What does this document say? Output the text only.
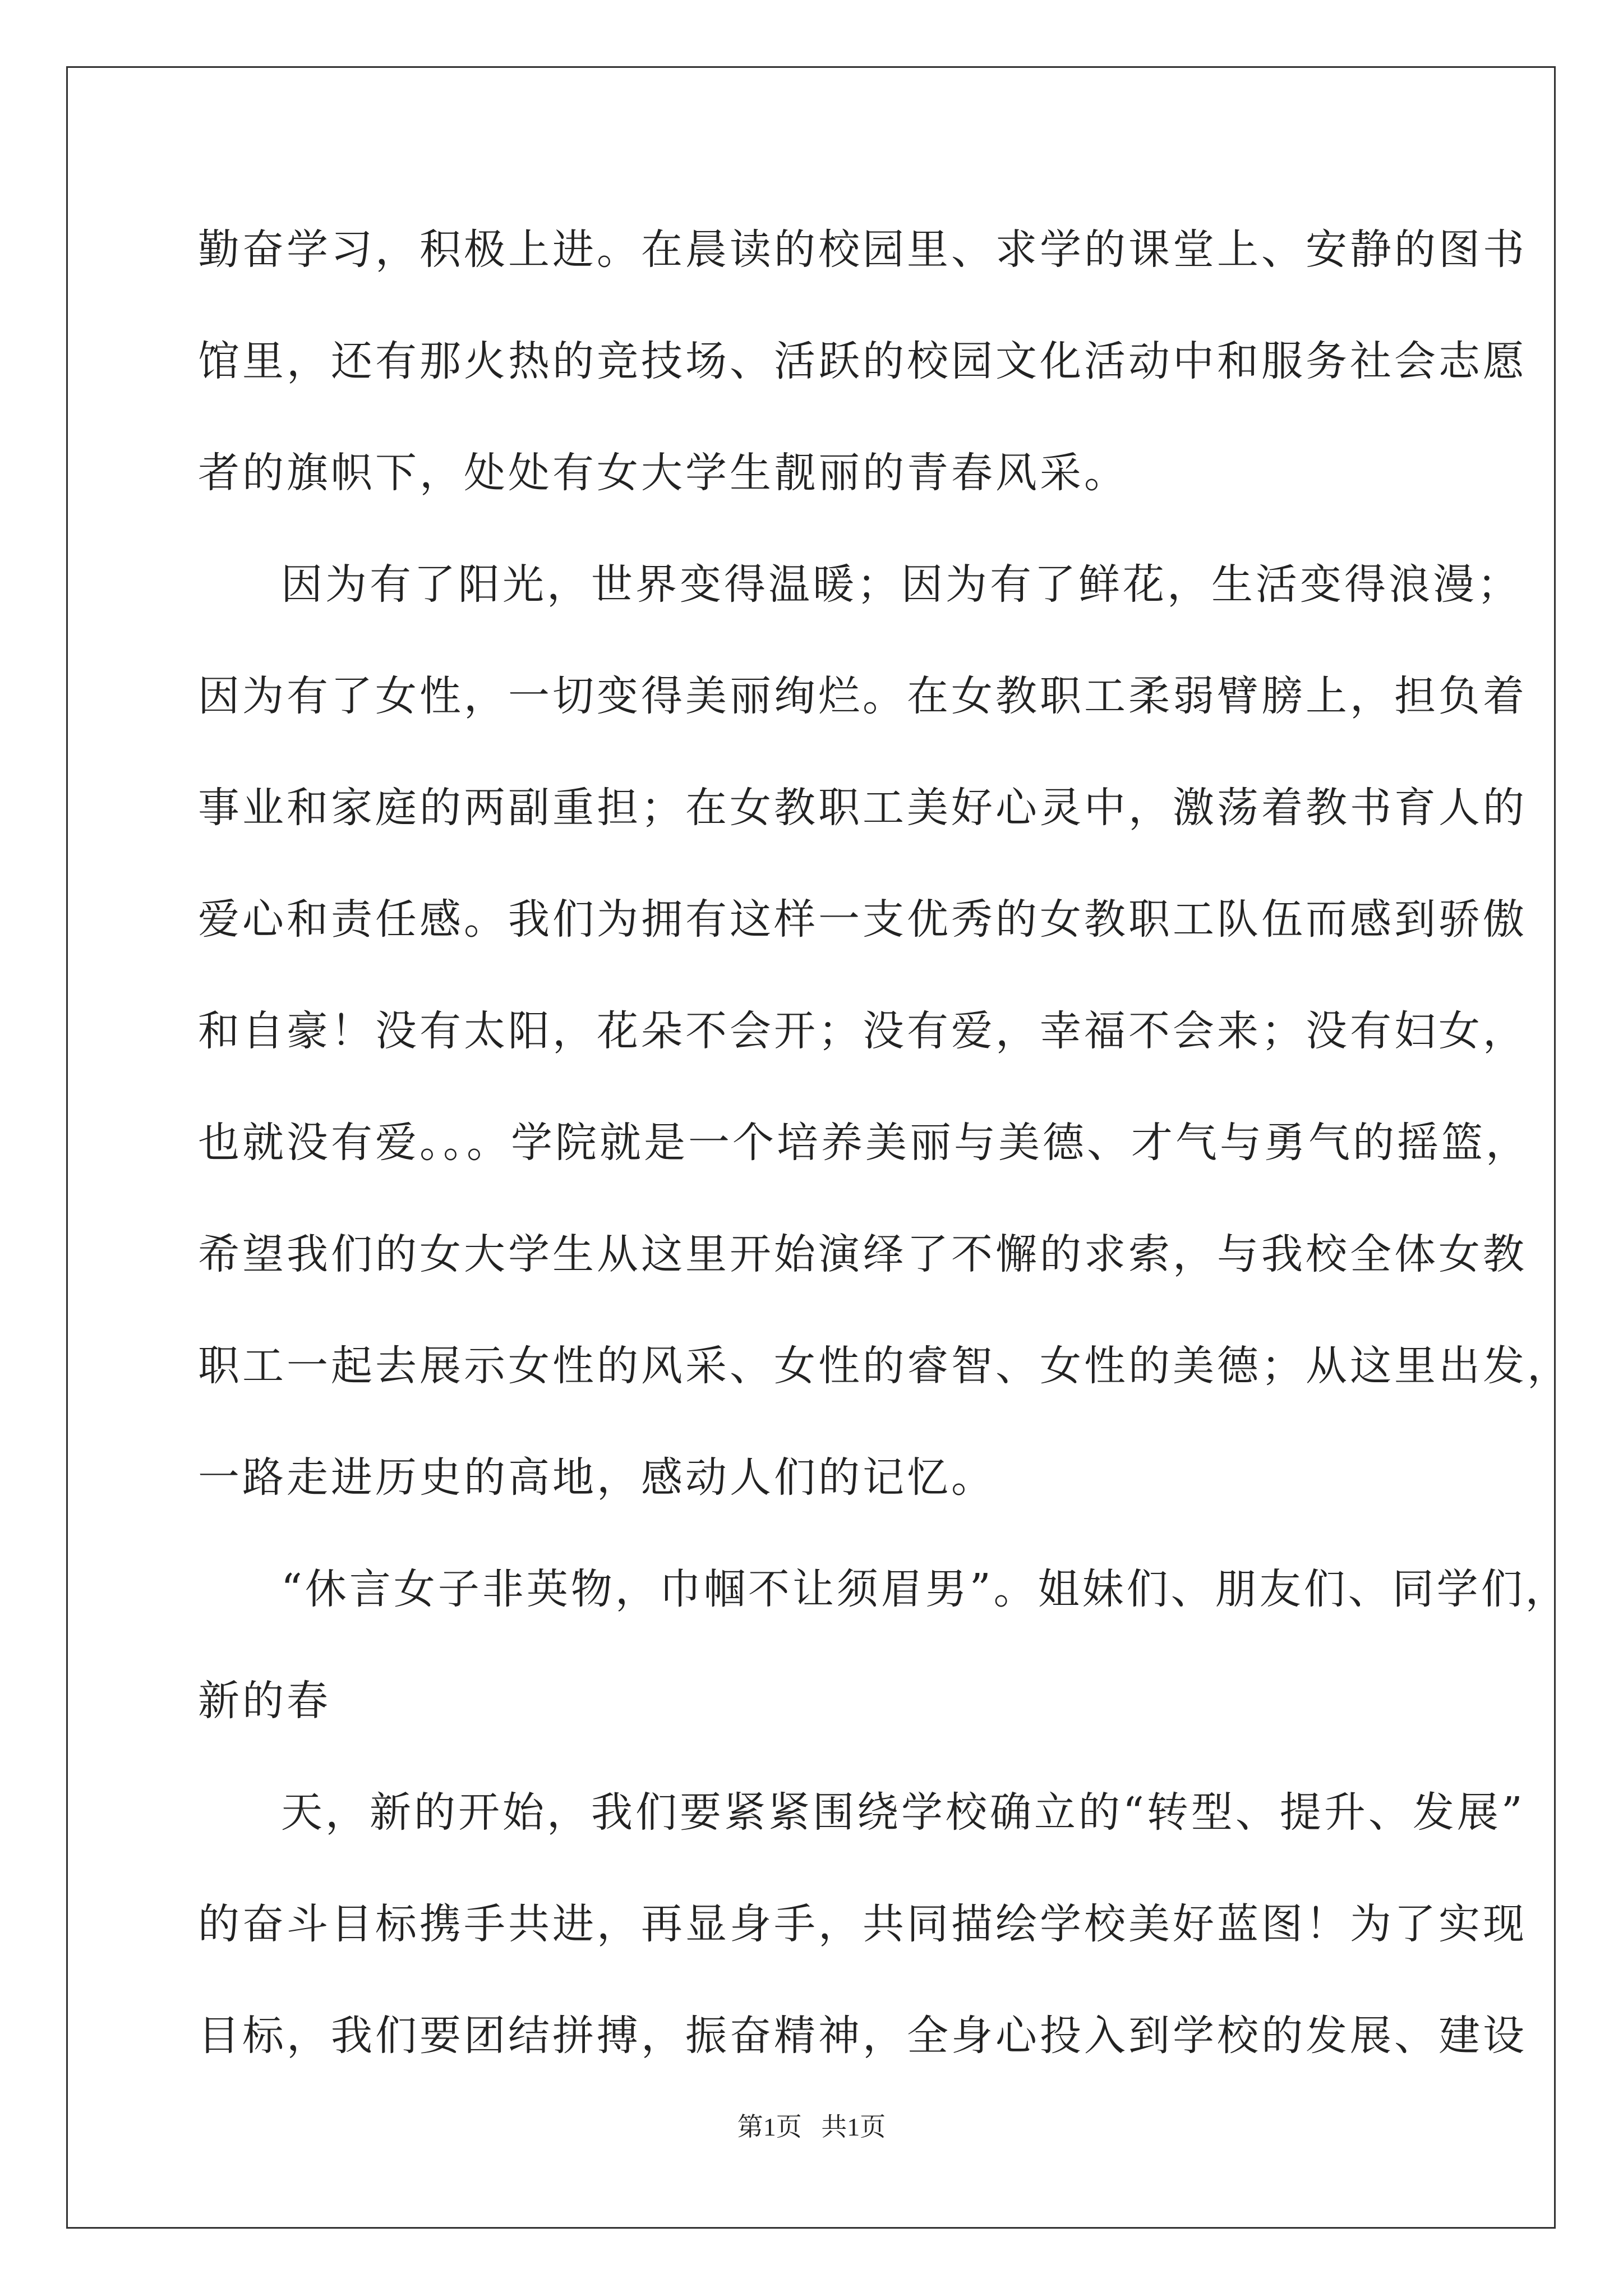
勤奋学习，积极上进。在晨读的校园里、求学的课堂上、安静的图书
馆里，还有那火热的竞技场、活跃的校园文化活动中和服务社会志愿
者的旗帜下，处处有女大学生靓丽的青春风采。
因为有了阳光，世界变得温暖；因为有了鲜花，生活变得浪漫；
因为有了女性，一切变得美丽绚烂。在女教职工柔弱臂膀上，担负着
事业和家庭的两副重担；在女教职工美好心灵中，激荡着教书育人的
爱心和责任感。我们为拥有这样一支优秀的女教职工队伍而感到骄傲
和自豪！没有太阳，花朵不会开；没有爱，幸福不会来；没有妇女，
也就没有爱。。。学院就是一个培养美丽与美德、才气与勇气的摇篮，
希望我们的女大学生从这里开始演绎了不懈的求索，与我校全体女教
职工一起去展示女性的风采、女性的睿智、女性的美德；从这里出发，
一路走进历史的高地，感动人们的记忆。
“休言女子非英物，巾帼不让须眉男”。姐妹们、朋友们、同学们，
新的春
天，新的开始，我们要紧紧围绕学校确立的“转型、提升、发展”
的奋斗目标携手共进，再显身手，共同描绘学校美好蓝图！为了实现
目标，我们要团结拼搏，振奋精神，全身心投入到学校的发展、建设
第1页   共1页
